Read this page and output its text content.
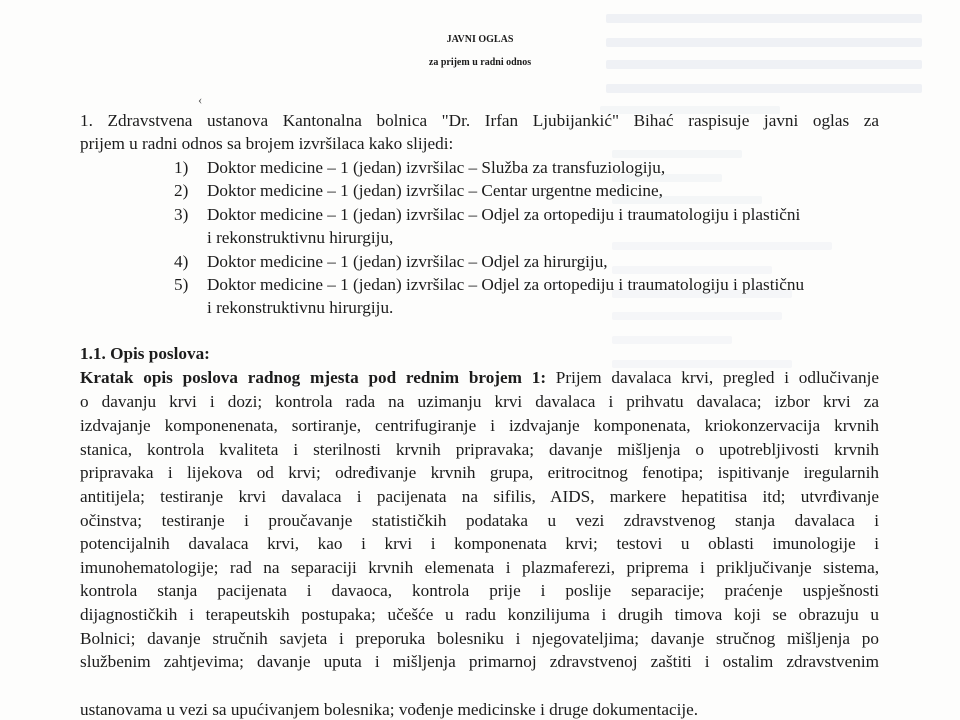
‹
JAVNI OGLAS
za prijem u radni odnos
1. Zdravstvena ustanova Kantonalna bolnica "Dr. Irfan Ljubijankić" Bihać raspisuje javni oglas za
prijem u radni odnos sa brojem izvršilaca kako slijedi:
1) Doktor medicine – 1 (jedan) izvršilac – Služba za transfuziologiju,
2) Doktor medicine – 1 (jedan) izvršilac – Centar urgentne medicine,
3) Doktor medicine – 1 (jedan) izvršilac – Odjel za ortopediju i traumatologiju i plastični
i rekonstruktivnu hirurgiju,
4) Doktor medicine – 1 (jedan) izvršilac – Odjel za hirurgiju,
5) Doktor medicine – 1 (jedan) izvršilac – Odjel za ortopediju i traumatologiju i plastičnu
i rekonstruktivnu hirurgiju.
1.1. Opis poslova:
Kratak opis poslova radnog mjesta pod rednim brojem 1: Prijem davalaca krvi, pregled i odlučivanje
o davanju krvi i dozi; kontrola rada na uzimanju krvi davalaca i prihvatu davalaca; izbor krvi za
izdvajanje komponenenata, sortiranje, centrifugiranje i izdvajanje komponenata, kriokonzervacija krvnih
stanica, kontrola kvaliteta i sterilnosti krvnih pripravaka; davanje mišljenja o upotrebljivosti krvnih
pripravaka i lijekova od krvi; određivanje krvnih grupa, eritrocitnog fenotipa; ispitivanje iregularnih
antitijela; testiranje krvi davalaca i pacijenata na sifilis, AIDS, markere hepatitisa itd; utvrđivanje
očinstva; testiranje i proučavanje statističkih podataka u vezi zdravstvenog stanja davalaca i
potencijalnih davalaca krvi, kao i krvi i komponenata krvi; testovi u oblasti imunologije i
imunohematologije; rad na separaciji krvnih elemenata i plazmaferezi, priprema i priključivanje sistema,
kontrola stanja pacijenata i davaoca, kontrola prije i poslije separacije; praćenje uspješnosti
dijagnostičkih i terapeutskih postupaka; učešće u radu konzilijuma i drugih timova koji se obrazuju u
Bolnici; davanje stručnih savjeta i preporuka bolesniku i njegovateljima; davanje stručnog mišljenja po
službenim zahtjevima; davanje uputa i mišljenja primarnoj zdravstvenoj zaštiti i ostalim zdravstvenim
ustanovama u vezi sa upućivanjem bolesnika; vođenje medicinske i druge dokumentacije.
